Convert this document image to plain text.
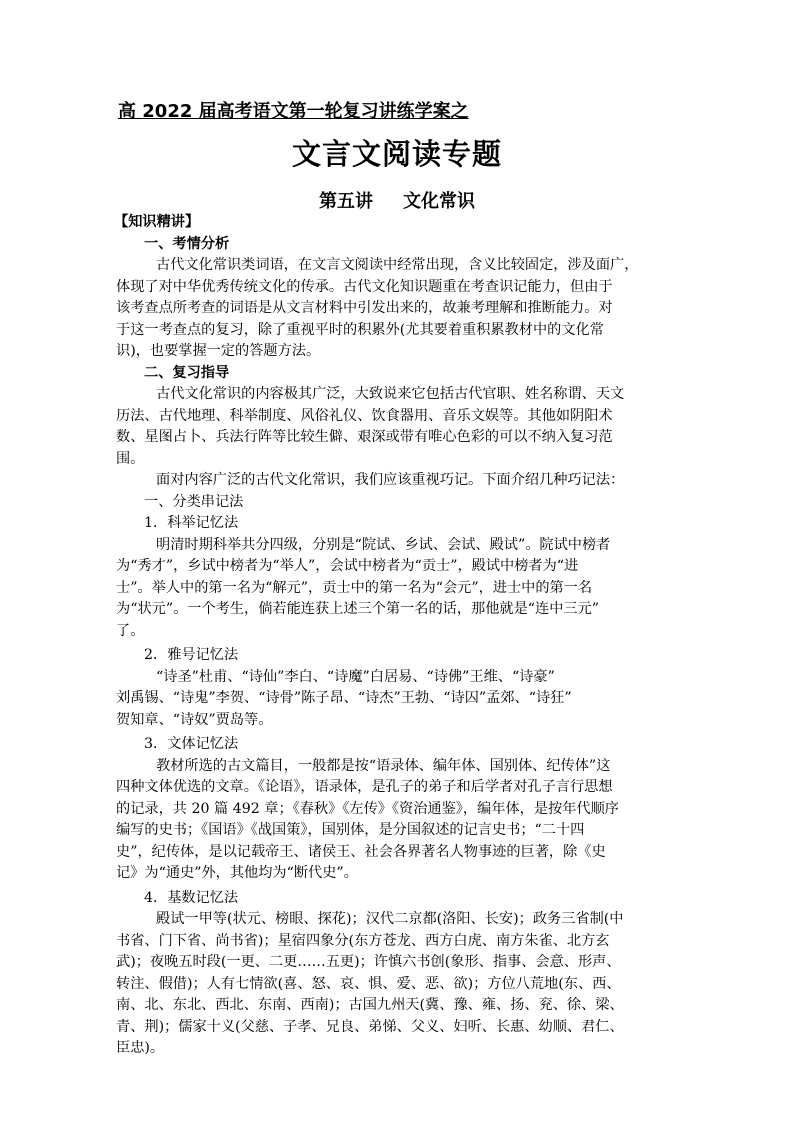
高 2022 届高考语文第一轮复习讲练学案之
文言文阅读专题
第五讲 文化常识
【知识精讲】
一、考情分析
古代文化常识类词语，在文言文阅读中经常出现，含义比较固定，涉及面广，
体现了对中华优秀传统文化的传承。古代文化知识题重在考查识记能力，但由于
该考查点所考查的词语是从文言材料中引发出来的，故兼考理解和推断能力。对
于这一考查点的复习，除了重视平时的积累外(尤其要着重积累教材中的文化常
识)，也要掌握一定的答题方法。
二、复习指导
古代文化常识的内容极其广泛，大致说来它包括古代官职、姓名称谓、天文
历法、古代地理、科举制度、风俗礼仪、饮食器用、音乐文娱等。其他如阴阳术
数、星图占卜、兵法行阵等比较生僻、艰深或带有唯心色彩的可以不纳入复习范
围。
面对内容广泛的古代文化常识，我们应该重视巧记。下面介绍几种巧记法：
一、分类串记法
1．科举记忆法
明清时期科举共分四级，分别是“院试、乡试、会试、殿试”。院试中榜者
为“秀才”，乡试中榜者为“举人”，会试中榜者为“贡士”，殿试中榜者为“进
士”。举人中的第一名为“解元”，贡士中的第一名为“会元”，进士中的第一名
为“状元”。一个考生，倘若能连获上述三个第一名的话，那他就是“连中三元”
了。
2．雅号记忆法
“诗圣”杜甫、“诗仙”李白、“诗魔”白居易、“诗佛”王维、“诗豪”
刘禹锡、“诗鬼”李贺、“诗骨”陈子昂、“诗杰”王勃、“诗囚”孟郊、“诗狂”
贺知章、“诗奴”贾岛等。
3．文体记忆法
教材所选的古文篇目，一般都是按“语录体、编年体、国别体、纪传体”这
四种文体优选的文章。《论语》，语录体，是孔子的弟子和后学者对孔子言行思想
的记录，共 20 篇 492 章；《春秋》《左传》《资治通鉴》，编年体，是按年代顺序
编写的史书；《国语》《战国策》，国别体，是分国叙述的记言史书；“二十四
史”，纪传体，是以记载帝王、诸侯王、社会各界著名人物事迹的巨著，除《史
记》为“通史”外，其他均为“断代史”。
4．基数记忆法
殿试一甲等(状元、榜眼、探花)；汉代二京都(洛阳、长安)；政务三省制(中
书省、门下省、尚书省)；星宿四象分(东方苍龙、西方白虎、南方朱雀、北方玄
武)；夜晚五时段(一更、二更……五更)；许慎六书创(象形、指事、会意、形声、
转注、假借)；人有七情欲(喜、怒、哀、惧、爱、恶、欲)；方位八荒地(东、西、
南、北、东北、西北、东南、西南)；古国九州天(冀、豫、雍、扬、兖、徐、梁、
青、荆)；儒家十义(父慈、子孝、兄良、弟悌、父义、妇听、长惠、幼顺、君仁、
臣忠)。
